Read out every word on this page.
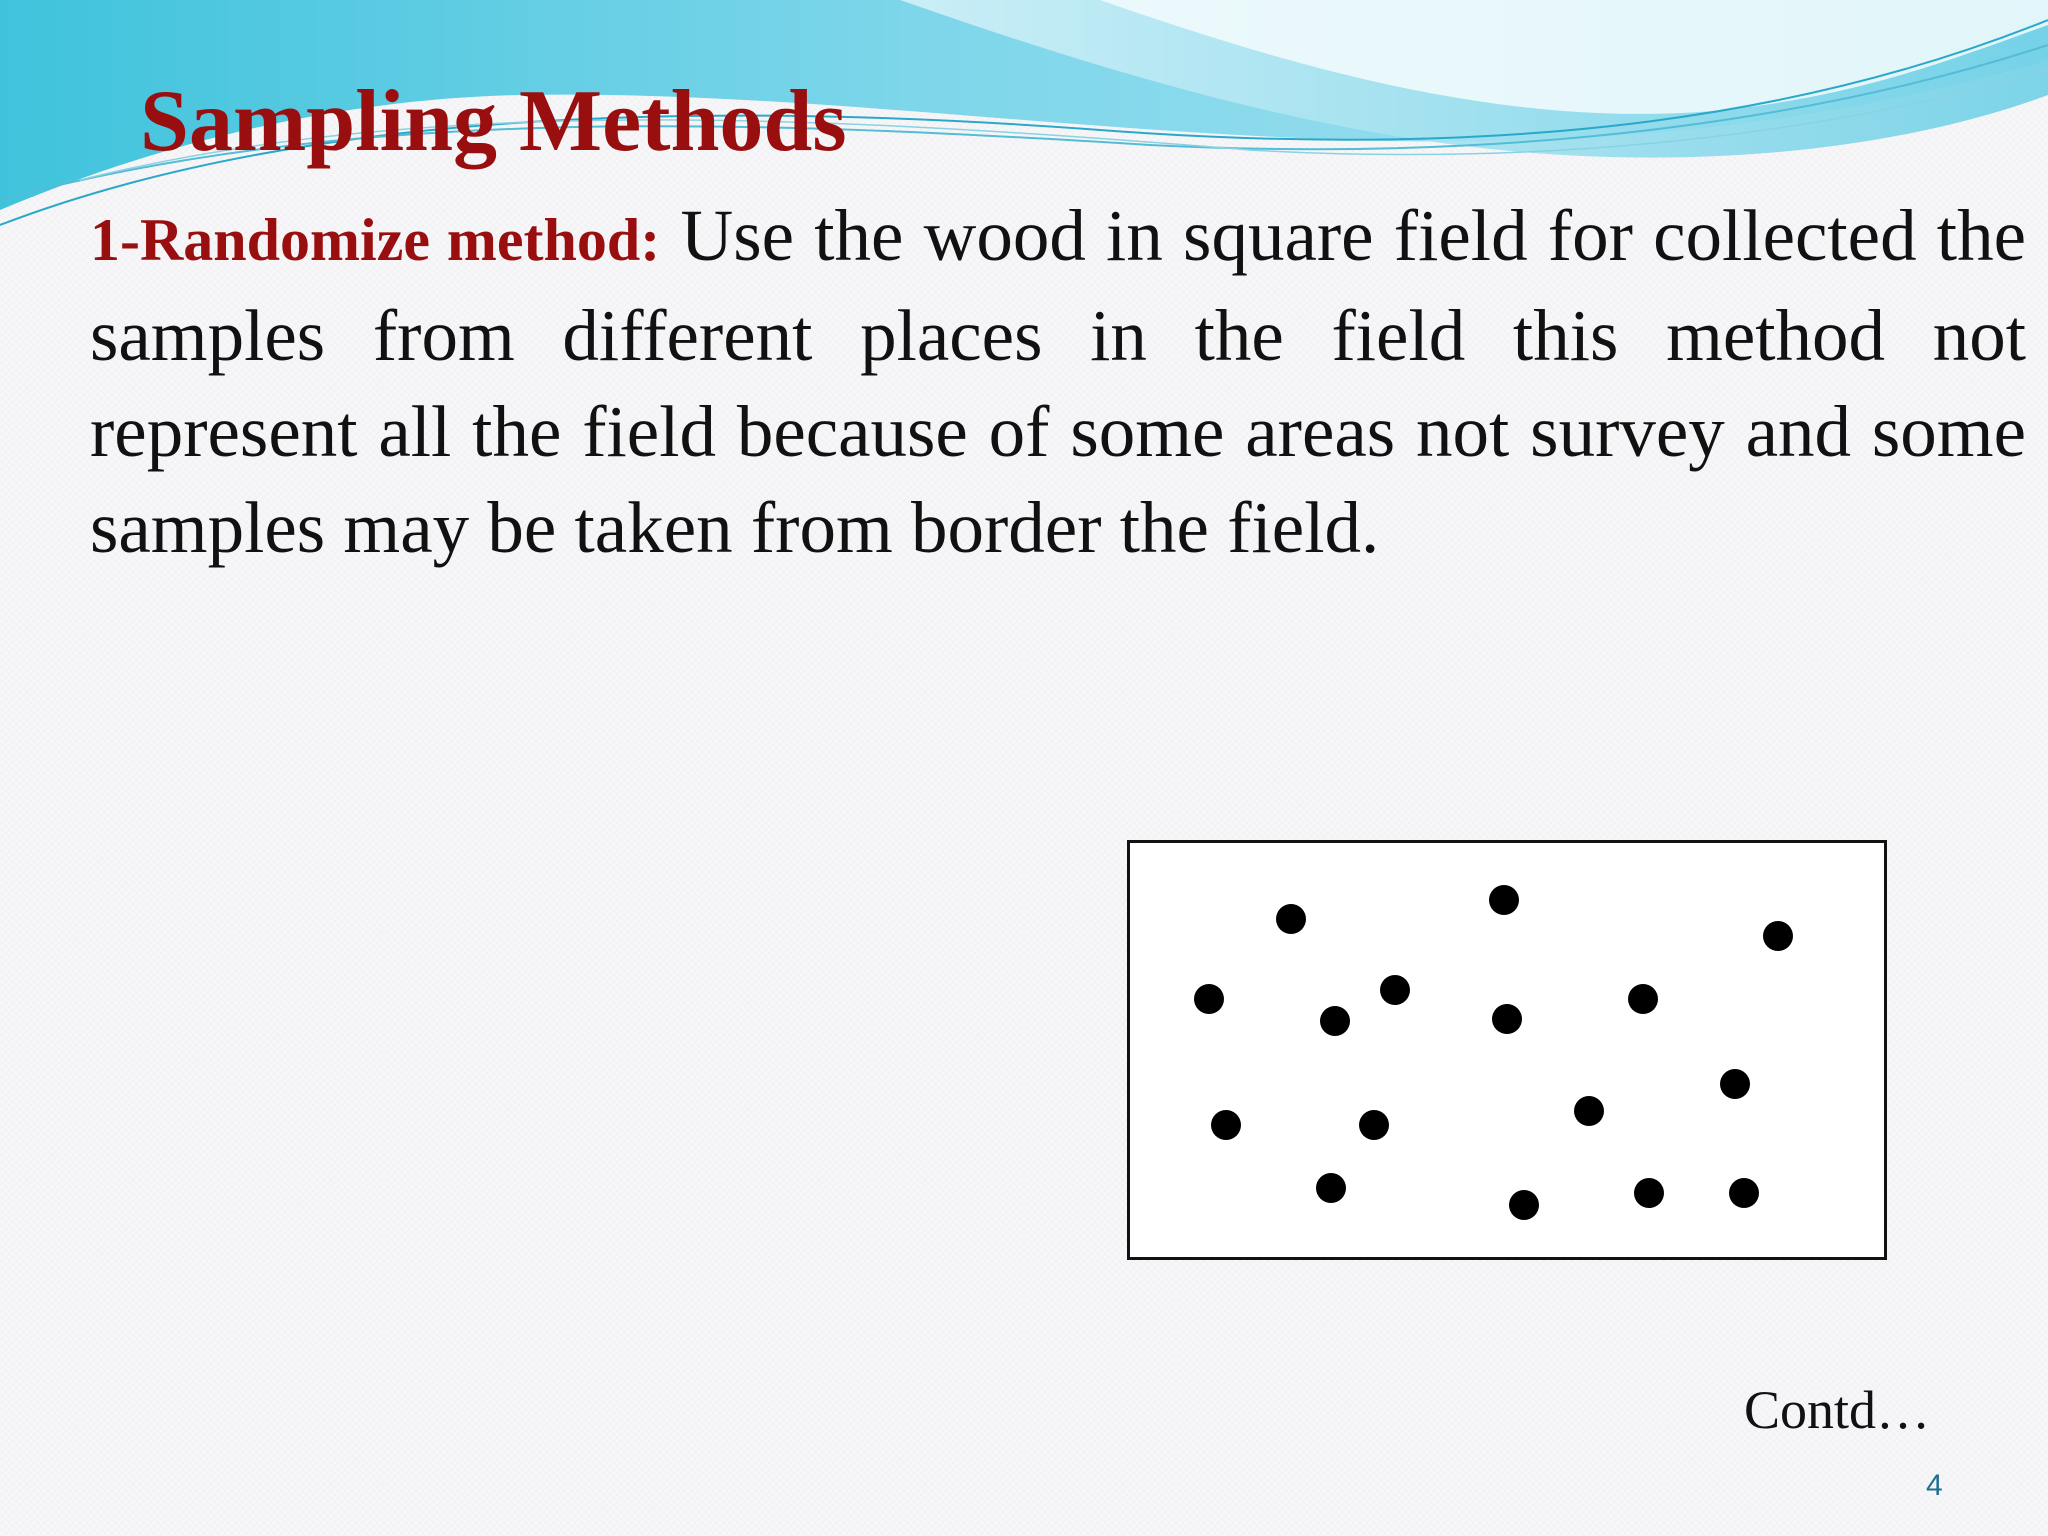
Sampling Methods

1-Randomize method: Use the wood in square field for collected the samples from different places in the field this method not represent all the field because of some areas not survey and some samples may be taken from border the field.

Contd…
4
